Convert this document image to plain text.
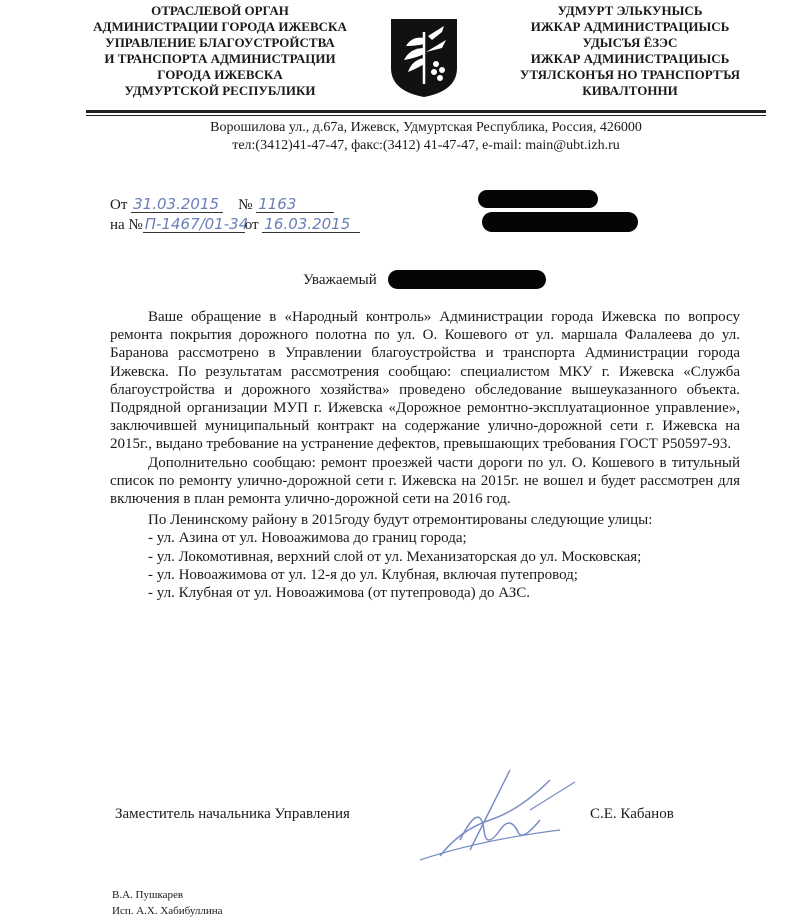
ОТРАСЛЕВОЙ ОРГАН
АДМИНИСТРАЦИИ ГОРОДА ИЖЕВСКА
УПРАВЛЕНИЕ БЛАГОУСТРОЙСТВА
И ТРАНСПОРТА АДМИНИСТРАЦИИ
ГОРОДА ИЖЕВСКА
УДМУРТСКОЙ РЕСПУБЛИКИ
УДМУРТ ЭЛЬКУНЫСЬ
ИЖКАР АДМИНИСТРАЦИЫСЬ
УДЫСЪЯ ЁЗЭС
ИЖКАР АДМИНИСТРАЦИЫСЬ
УТЯЛСКОНЪЯ НО ТРАНСПОРТЪЯ
КИВАЛТОННИ
Ворошилова ул., д.67а, Ижевск, Удмуртская Республика, Россия, 426000
тел:(3412)41-47-47, факс:(3412) 41-47-47, e-mail: main@ubt.izh.ru
От 31.03.2015 № 1163
на № П-1467/01-34от 16.03.2015
Уважаемый

Ваше обращение в «Народный контроль» Администрации города Ижевска по вопросу ремонта покрытия дорожного полотна по ул. О. Кошевого от ул. маршала Фалалеева до ул. Баранова рассмотрено в Управлении благоустройства и транспорта Администрации города Ижевска. По результатам рассмотрения сообщаю: специалистом МКУ г. Ижевска «Служба благоустройства и дорожного хозяйства» проведено обследование вышеуказанного объекта. Подрядной организации МУП г. Ижевска «Дорожное ремонтно-эксплуатационное управление», заключившей муниципальный контракт на содержание улично-дорожной сети г. Ижевска на 2015г., выдано требование на устранение дефектов, превышающих требования ГОСТ Р50597-93.

Дополнительно сообщаю: ремонт проезжей части дороги по ул. О. Кошевого в титульный список по ремонту улично-дорожной сети г. Ижевска на 2015г. не вошел и будет рассмотрен для включения в план ремонта улично-дорожной сети на 2016 год.

По Ленинскому району в 2015году будут отремонтированы следующие улицы:

- ул. Азина от ул. Новоажимова до границ города;
- ул. Локомотивная, верхний слой от ул. Механизаторская до ул. Московская;
- ул. Новоажимова от ул. 12-я до ул. Клубная, включая путепровод;
- ул. Клубная от ул. Новоажимова (от путепровода) до АЗС.
Заместитель начальника Управления	С.Е. Кабанов
В.А. Пушкарев
Исп. А.Х. Хабибуллина
